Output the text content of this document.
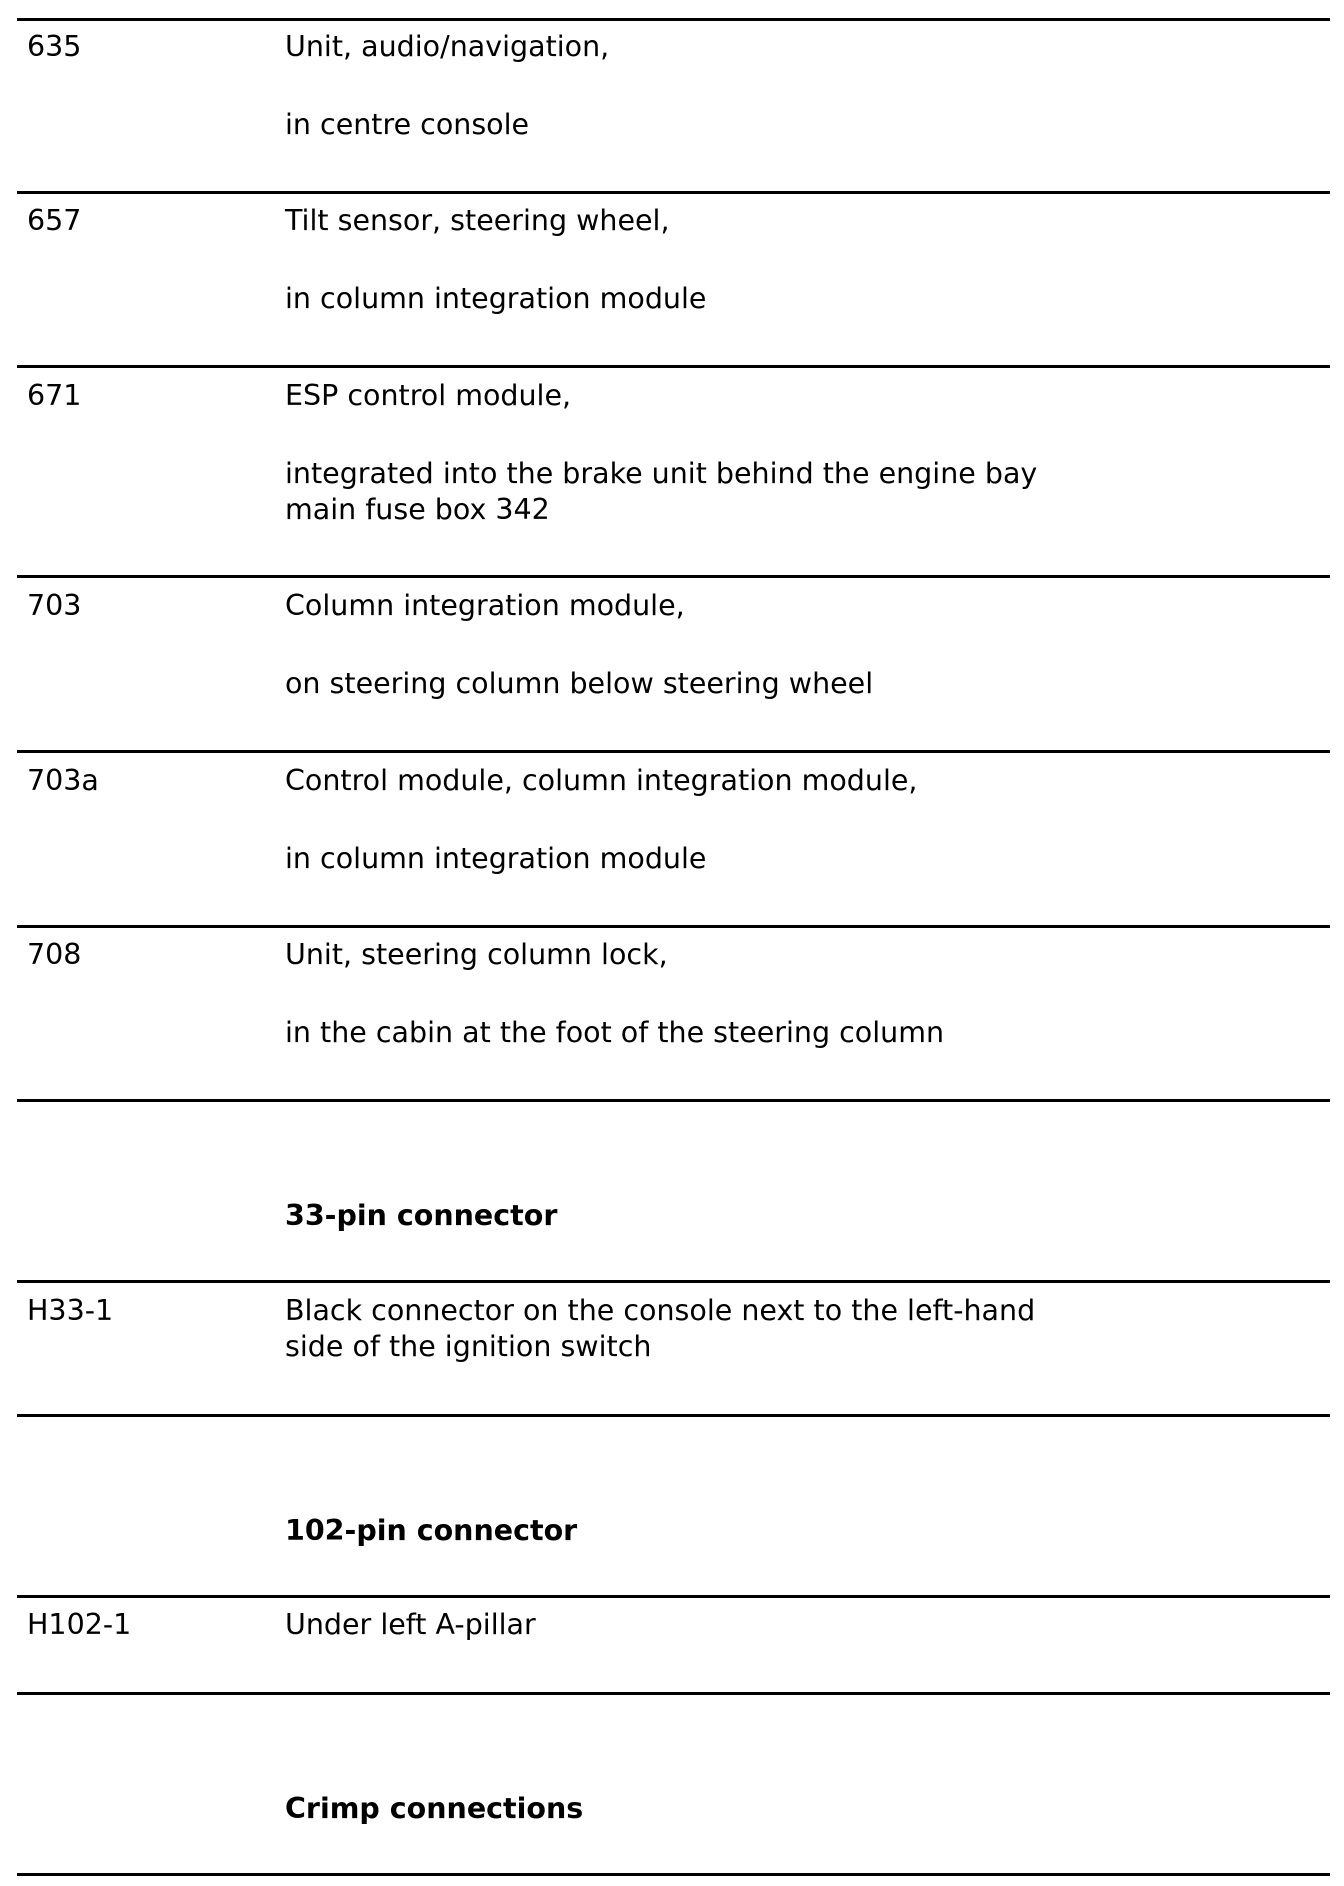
635	Unit, audio/navigation,
in centre console
657	Tilt sensor, steering wheel,
in column integration module
671	ESP control module,
integrated into the brake unit behind the engine bay
main fuse box 342
703	Column integration module,
on steering column below steering wheel
703a	Control module, column integration module,
in column integration module
708	Unit, steering column lock,
in the cabin at the foot of the steering column
33-pin connector
H33-1	Black connector on the console next to the left-hand
side of the ignition switch
102-pin connector
H102-1	Under left A-pillar
Crimp connections
